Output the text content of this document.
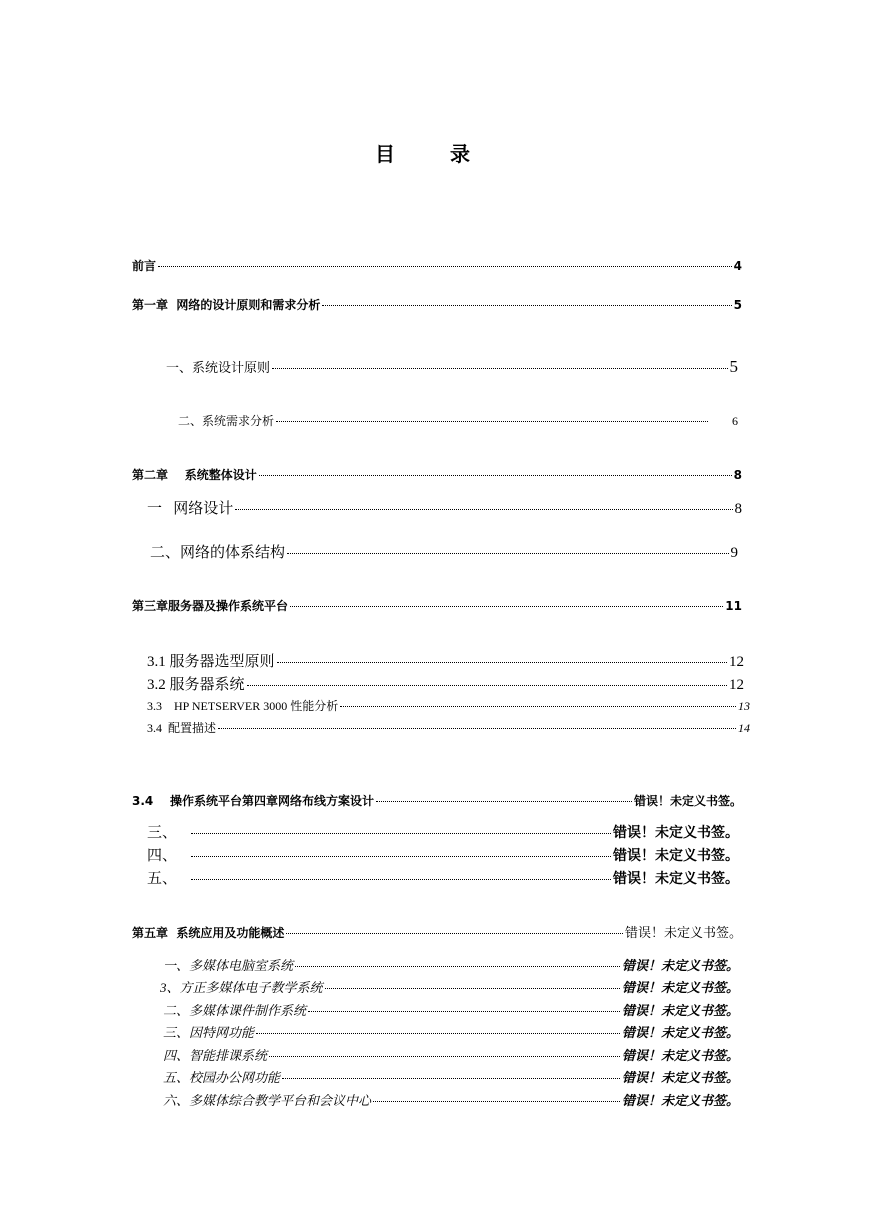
目 录
前言	4
第一章  网络的设计原则和需求分析	5
一、系统设计原则	5
二、系统需求分析	6
第二章    系统整体设计	8
一   网络设计	8
二、网络的体系结构	9
第三章服务器及操作系统平台	11
3.1 服务器选型原则	12
3.2 服务器系统	12
3.3    HP NETSERVER 3000 性能分析	13
3.4  配置描述	14
3.4    操作系统平台第四章网络布线方案设计	错误！未定义书签。
三、	错误！未定义书签。
四、	错误！未定义书签。
五、	错误！未定义书签。
第五章  系统应用及功能概述	错误！未定义书签。
一、多媒体电脑室系统	错误！未定义书签。
3、方正多媒体电子教学系统	错误！未定义书签。
二、多媒体课件制作系统	错误！未定义书签。
三、因特网功能	错误！未定义书签。
四、智能排课系统	错误！未定义书签。
五、校园办公网功能	错误！未定义书签。
六、多媒体综合教学平台和会议中心	错误！未定义书签。
